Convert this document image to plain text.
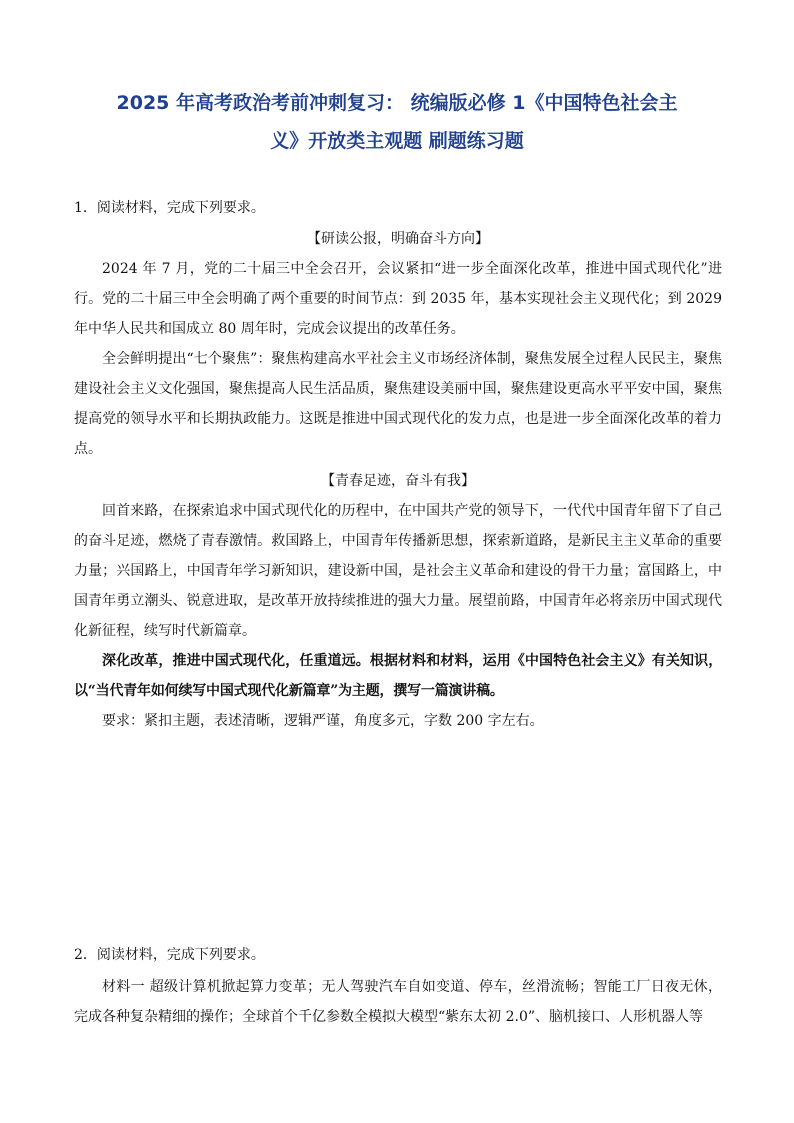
2025 年高考政治考前冲刺复习： 统编版必修 1《中国特色社会主
义》开放类主观题 刷题练习题

1．阅读材料，完成下列要求。

【研读公报，明确奋斗方向】

2024 年 7 月，党的二十届三中全会召开，会议紧扣“进一步全面深化改革，推进中国式现代化”进行。党的二十届三中全会明确了两个重要的时间节点：到 2035 年，基本实现社会主义现代化；到 2029 年中华人民共和国成立 80 周年时，完成会议提出的改革任务。

全会鲜明提出“七个聚焦”：聚焦构建高水平社会主义市场经济体制，聚焦发展全过程人民民主，聚焦建设社会主义文化强国，聚焦提高人民生活品质，聚焦建设美丽中国，聚焦建设更高水平平安中国，聚焦提高党的领导水平和长期执政能力。这既是推进中国式现代化的发力点，也是进一步全面深化改革的着力点。

【青春足迹，奋斗有我】

回首来路，在探索追求中国式现代化的历程中，在中国共产党的领导下，一代代中国青年留下了自己的奋斗足迹，燃烧了青春激情。救国路上，中国青年传播新思想，探索新道路，是新民主主义革命的重要力量；兴国路上，中国青年学习新知识，建设新中国，是社会主义革命和建设的骨干力量；富国路上，中国青年勇立潮头、锐意进取，是改革开放持续推进的强大力量。展望前路，中国青年必将亲历中国式现代化新征程，续写时代新篇章。

深化改革，推进中国式现代化，任重道远。根据材料和材料，运用《中国特色社会主义》有关知识，以“当代青年如何续写中国式现代化新篇章”为主题，撰写一篇演讲稿。

要求：紧扣主题，表述清晰，逻辑严谨，角度多元，字数 200 字左右。

2．阅读材料，完成下列要求。

材料一 超级计算机掀起算力变革；无人驾驶汽车自如变道、停车，丝滑流畅；智能工厂日夜无休，完成各种复杂精细的操作；全球首个千亿参数全模拟大模型“紫东太初 2.0”、脑机接口、人形机器人等
